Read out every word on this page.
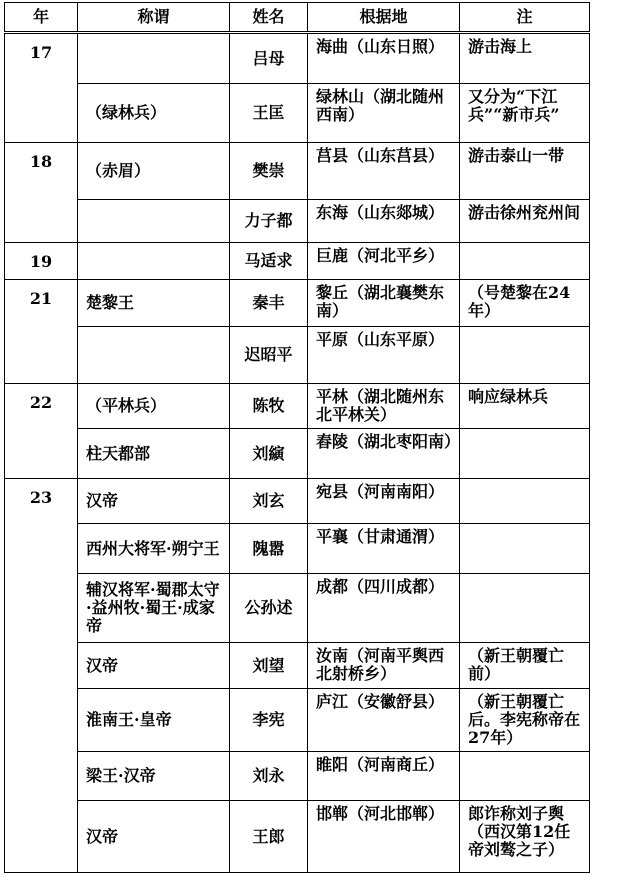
年	称谓	姓名	根据地	注
17		吕母	海曲（山东日照）	游击海上
	（绿林兵）	王匡	绿林山（湖北随州西南）	又分为“下江兵”“新市兵”
18	（赤眉）	樊崇	莒县（山东莒县）	游击泰山一带
		力子都	东海（山东郯城）	游击徐州兖州间
19		马适求	巨鹿（河北平乡）	
21	楚黎王	秦丰	黎丘（湖北襄樊东南）	（号楚黎在24年）
		迟昭平	平原（山东平原）	
22	（平林兵）	陈牧	平林（湖北随州东北平林关）	响应绿林兵
	柱天都部	刘縯	舂陵（湖北枣阳南）	
23	汉帝	刘玄	宛县（河南南阳）	
	西州大将军·朔宁王	隗嚣	平襄（甘肃通渭）	
	辅汉将军·蜀郡太守·益州牧·蜀王·成家帝	公孙述	成都（四川成都）	
	汉帝	刘望	汝南（河南平舆西北射桥乡）	（新王朝覆亡前）
	淮南王·皇帝	李宪	庐江（安徽舒县）	（新王朝覆亡后。李宪称帝在27年）
	梁王·汉帝	刘永	睢阳（河南商丘）	
	汉帝	王郎	邯郸（河北邯郸）	郎诈称刘子舆（西汉第12任帝刘骜之子）
